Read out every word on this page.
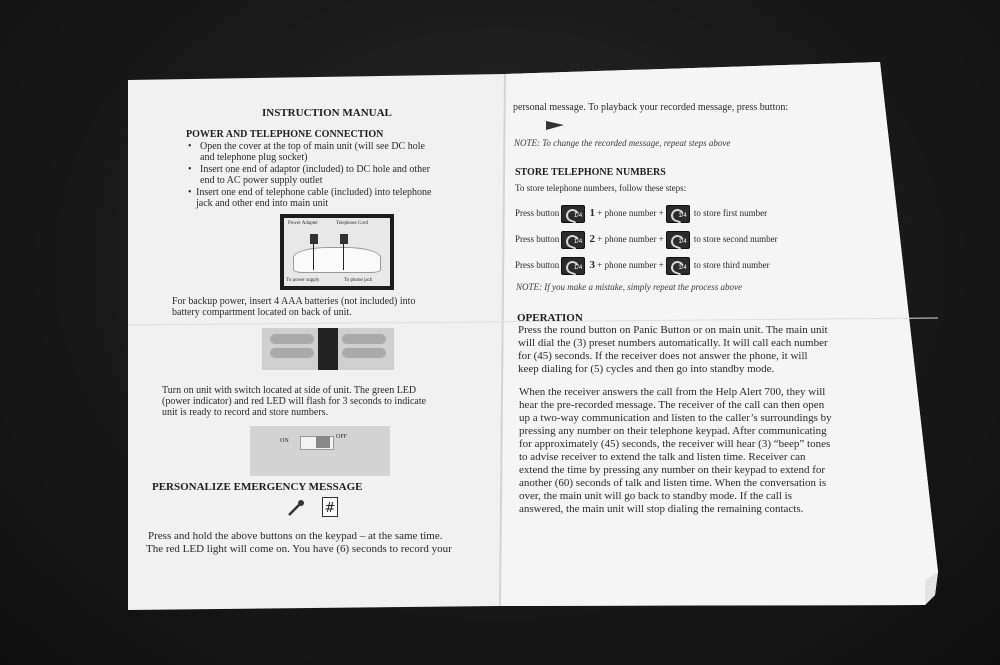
INSTRUCTION MANUAL
POWER AND TELEPHONE CONNECTION
• Open the cover at the top of main unit (will see DC hole
and telephone plug socket)
• Insert one end of adaptor (included) to DC hole and other
end to AC power supply outlet
• Insert one end of telephone cable (included) into telephone
jack and other end into main unit
Power Adapter	Telephone Cord
To power supply	To phone jack
For backup power, insert 4 AAA batteries (not included) into
battery compartment located on back of unit.
Turn on unit with switch located at side of unit. The green LED
(power indicator) and red LED will flash for 3 seconds to indicate
unit is ready to record and store numbers.
ON
OFF
PERSONALIZE EMERGENCY MESSAGE
#
Press and hold the above buttons on the keypad – at the same time.
The red LED light will come on. You have (6) seconds to record your
personal message. To playback your recorded message, press button:
NOTE: To change the recorded message, repeat steps above
STORE TELEPHONE NUMBERS
To store telephone numbers, follow these steps:
Press button 1/4 1 + phone number + 1/4 to store first number
Press button 1/4 2 + phone number + 1/4 to store second number
Press button 1/4 3 + phone number + 1/4 to store third number
NOTE: If you make a mistake, simply repeat the process above
OPERATION
Press the round button on Panic Button or on main unit. The main unit
will dial the (3) preset numbers automatically. It will call each number
for (45) seconds. If the receiver does not answer the phone, it will
keep dialing for (5) cycles and then go into standby mode.
When the receiver answers the call from the Help Alert 700, they will
hear the pre-recorded message. The receiver of the call can then open
up a two-way communication and listen to the caller’s surroundings by
pressing any number on their telephone keypad. After communicating
for approximately (45) seconds, the receiver will hear (3) “beep” tones
to advise receiver to extend the talk and listen time. Receiver can
extend the time by pressing any number on their keypad to extend for
another (60) seconds of talk and listen time. When the conversation is
over, the main unit will go back to standby mode. If the call is
answered, the main unit will stop dialing the remaining contacts.
